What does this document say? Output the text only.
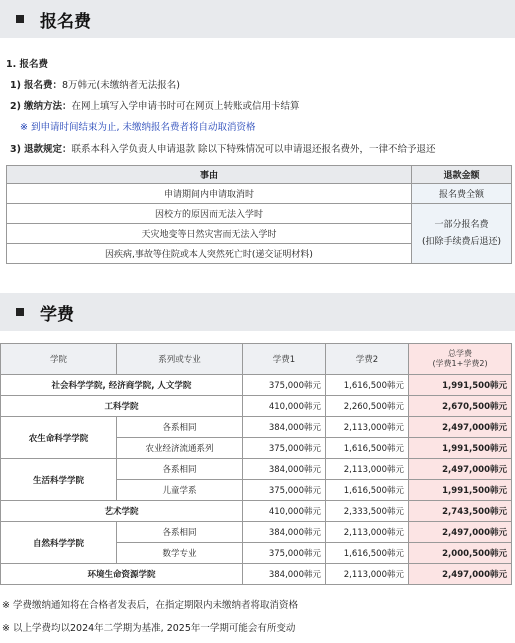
报名费
1. 报名费
1) 报名费：8万韩元(未缴纳者无法报名)
2) 缴纳方法：在网上填写入学申请书时可在网页上转账或信用卡结算
※ 到申请时间结束为止, 未缴纳报名费者将自动取消资格
3) 退款规定：联系本科入学负责人申请退款 除以下特殊情况可以申请退还报名费外，一律不给予退还
事由	退款金额
申请期间内申请取消时	报名费全额
因校方的原因而无法入学时	一部分报名费
(扣除手续费后退还)
天灾地变等日然灾害而无法入学时	
因疾病,事故等住院或本人突然死亡时(递交证明材料)	
学费
学院	系列或专业	学费1	学费2	总学费
(学费1+学费2)
社会科学学院, 经济商学院, 人文学院		375,000韩元	1,616,500韩元	1,991,500韩元
工科学院		410,000韩元	2,260,500韩元	2,670,500韩元
农生命科学学院	各系相同	384,000韩元	2,113,000韩元	2,497,000韩元
	农业经济流通系列	375,000韩元	1,616,500韩元	1,991,500韩元
生活科学学院	各系相同	384,000韩元	2,113,000韩元	2,497,000韩元
	儿童学系	375,000韩元	1,616,500韩元	1,991,500韩元
艺术学院		410,000韩元	2,333,500韩元	2,743,500韩元
自然科学学院	各系相同	384,000韩元	2,113,000韩元	2,497,000韩元
	数学专业	375,000韩元	1,616,500韩元	2,000,500韩元
环境生命资源学院		384,000韩元	2,113,000韩元	2,497,000韩元
※ 学费缴纳通知将在合格者发表后，在指定期限内未缴纳者将取消资格
※ 以上学费均以2024年二学期为基准, 2025年一学期可能会有所变动
